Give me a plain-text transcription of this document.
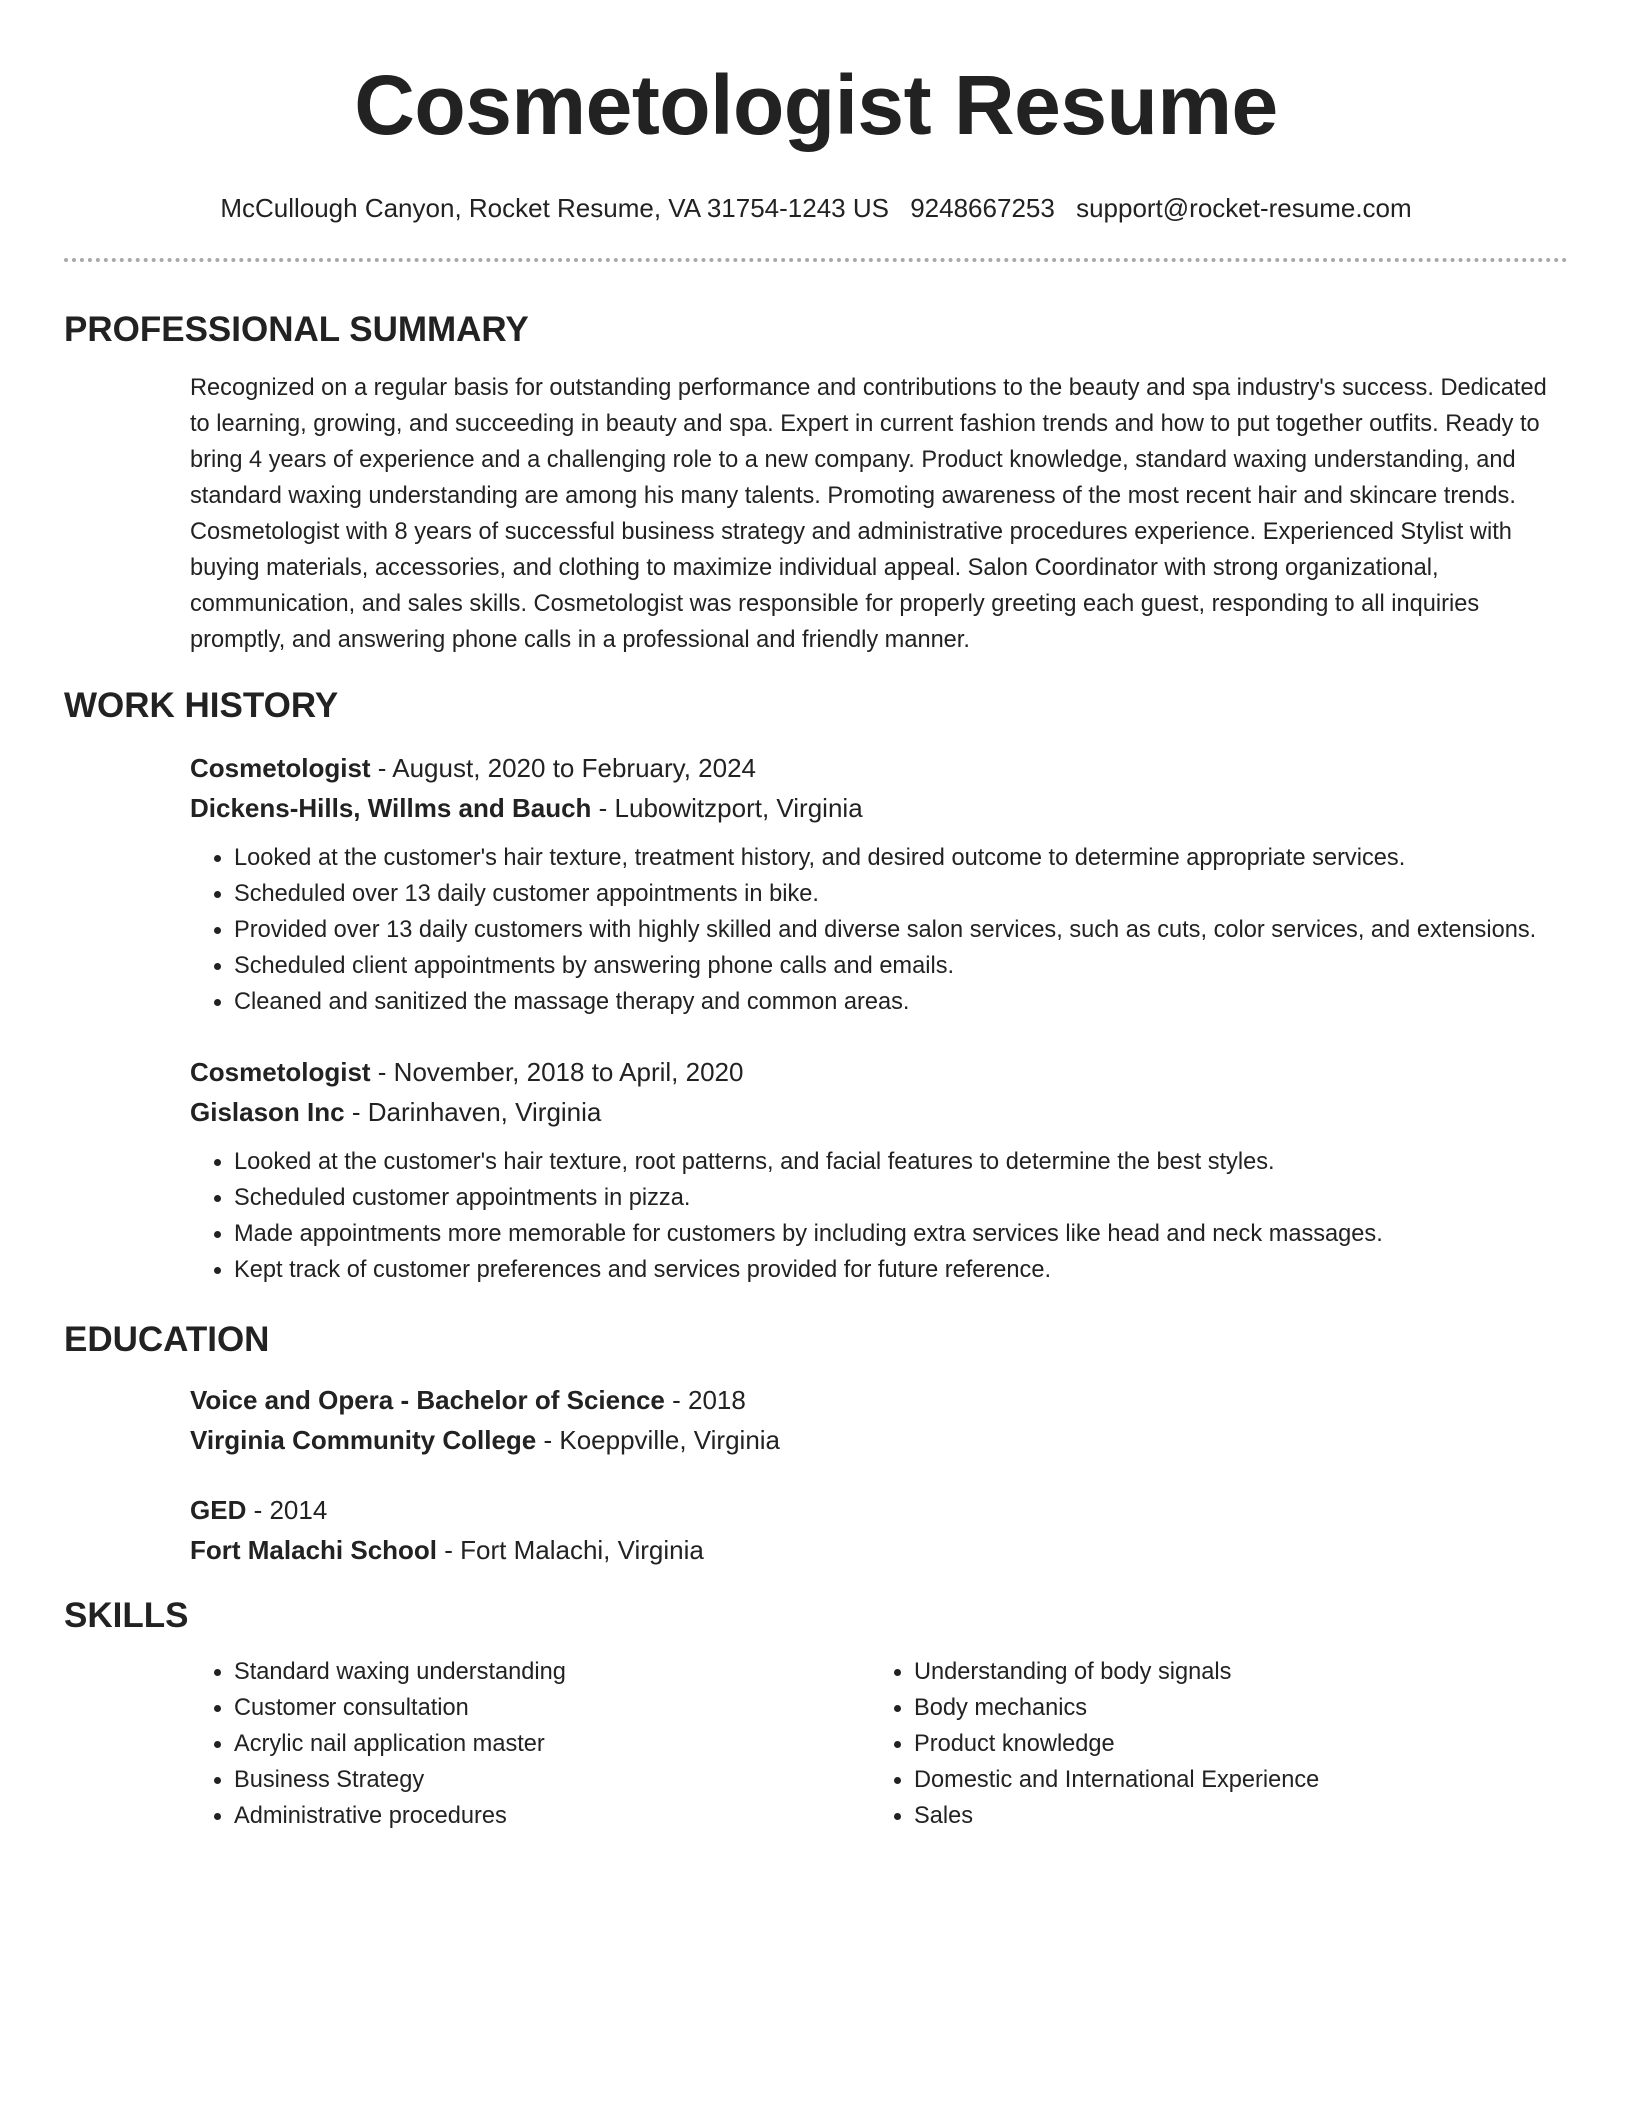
Cosmetologist Resume
McCullough Canyon, Rocket Resume, VA 31754-1243 US 9248667253 support@rocket-resume.com
PROFESSIONAL SUMMARY
Recognized on a regular basis for outstanding performance and contributions to the beauty and spa industry's success. Dedicated to learning, growing, and succeeding in beauty and spa. Expert in current fashion trends and how to put together outfits. Ready to bring 4 years of experience and a challenging role to a new company. Product knowledge, standard waxing understanding, and standard waxing understanding are among his many talents. Promoting awareness of the most recent hair and skincare trends. Cosmetologist with 8 years of successful business strategy and administrative procedures experience. Experienced Stylist with buying materials, accessories, and clothing to maximize individual appeal. Salon Coordinator with strong organizational, communication, and sales skills. Cosmetologist was responsible for properly greeting each guest, responding to all inquiries promptly, and answering phone calls in a professional and friendly manner.
WORK HISTORY
Cosmetologist - August, 2020 to February, 2024
Dickens-Hills, Willms and Bauch - Lubowitzport, Virginia
• Looked at the customer's hair texture, treatment history, and desired outcome to determine appropriate services.
• Scheduled over 13 daily customer appointments in bike.
• Provided over 13 daily customers with highly skilled and diverse salon services, such as cuts, color services, and extensions.
• Scheduled client appointments by answering phone calls and emails.
• Cleaned and sanitized the massage therapy and common areas.
Cosmetologist - November, 2018 to April, 2020
Gislason Inc - Darinhaven, Virginia
• Looked at the customer's hair texture, root patterns, and facial features to determine the best styles.
• Scheduled customer appointments in pizza.
• Made appointments more memorable for customers by including extra services like head and neck massages.
• Kept track of customer preferences and services provided for future reference.
EDUCATION
Voice and Opera - Bachelor of Science - 2018
Virginia Community College - Koeppville, Virginia
GED - 2014
Fort Malachi School - Fort Malachi, Virginia
SKILLS
• Standard waxing understanding
• Customer consultation
• Acrylic nail application master
• Business Strategy
• Administrative procedures
• Understanding of body signals
• Body mechanics
• Product knowledge
• Domestic and International Experience
• Sales
